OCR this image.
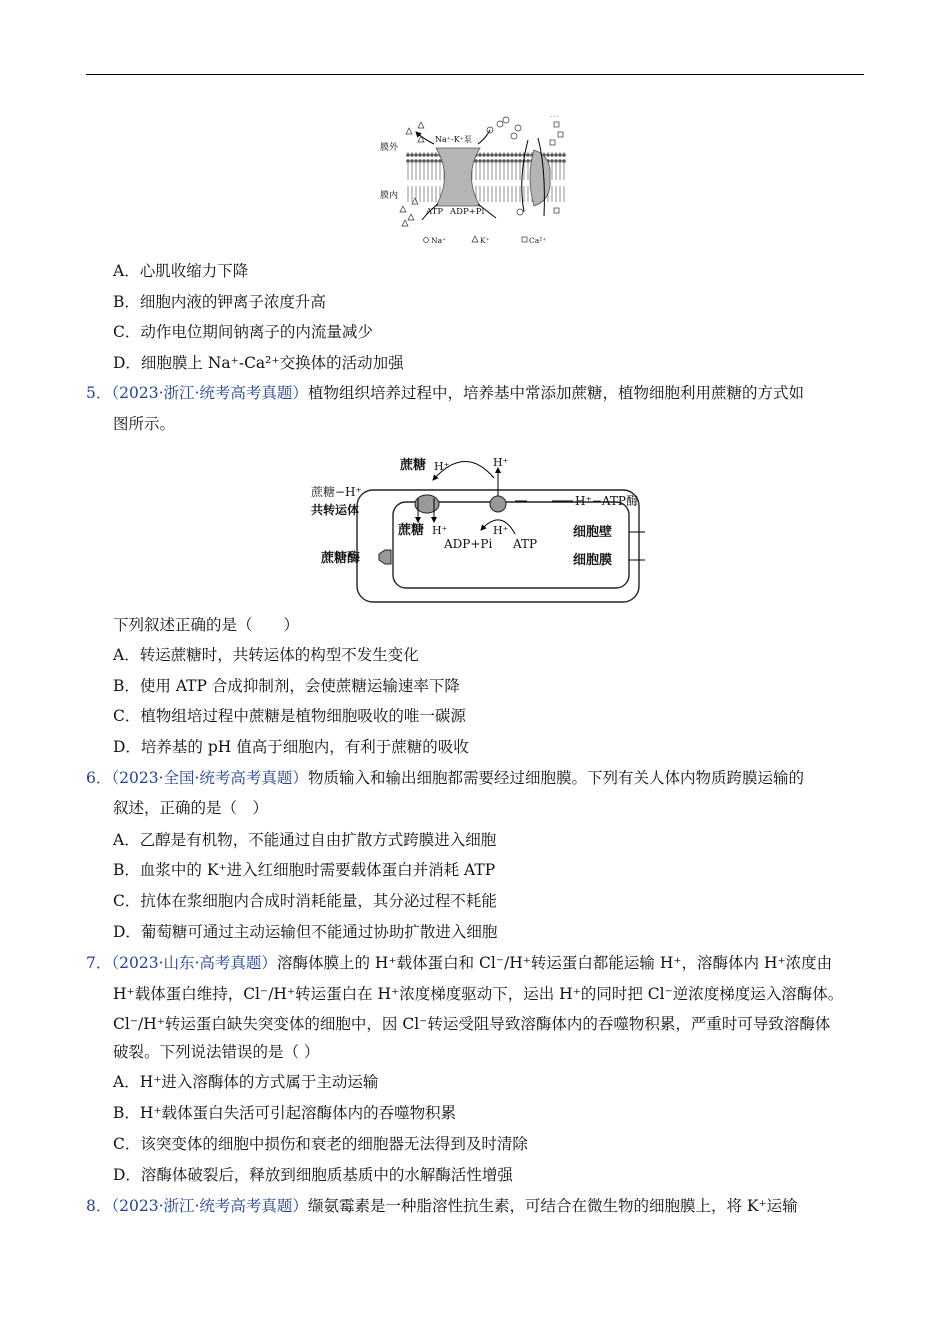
膜外
膜内
Na⁺-K⁺泵
ATP ADP+Pi
- - -
Na⁺	K⁺	Ca²⁺
A．心肌收缩力下降
B．细胞内液的钾离子浓度升高
C．动作电位期间钠离子的内流量减少
D．细胞膜上 Na⁺-Ca²⁺交换体的活动加强
5．（2023·浙江·统考高考真题）植物组织培养过程中，培养基中常添加蔗糖，植物细胞利用蔗糖的方式如
图所示。
蔗糖 H⁺	H⁺
蔗糖−H⁺
共转运体
蔗糖 H⁺	H⁺
ADP+Pi ATP
蔗糖酶
H⁺−ATP酶
细胞壁
细胞膜
下列叙述正确的是（　　）
A．转运蔗糖时，共转运体的构型不发生变化
B．使用 ATP 合成抑制剂，会使蔗糖运输速率下降
C．植物组培过程中蔗糖是植物细胞吸收的唯一碳源
D．培养基的 pH 值高于细胞内，有利于蔗糖的吸收
6．（2023·全国·统考高考真题）物质输入和输出细胞都需要经过细胞膜。下列有关人体内物质跨膜运输的
叙述，正确的是（　）
A．乙醇是有机物，不能通过自由扩散方式跨膜进入细胞
B．血浆中的 K⁺进入红细胞时需要载体蛋白并消耗 ATP
C．抗体在浆细胞内合成时消耗能量，其分泌过程不耗能
D．葡萄糖可通过主动运输但不能通过协助扩散进入细胞
7．（2023·山东·高考真题）溶酶体膜上的 H⁺载体蛋白和 Cl⁻/H⁺转运蛋白都能运输 H⁺，溶酶体内 H⁺浓度由
H⁺载体蛋白维持，Cl⁻/H⁺转运蛋白在 H⁺浓度梯度驱动下，运出 H⁺的同时把 Cl⁻逆浓度梯度运入溶酶体。
Cl⁻/H⁺转运蛋白缺失突变体的细胞中，因 Cl⁻转运受阻导致溶酶体内的吞噬物积累，严重时可导致溶酶体
破裂。下列说法错误的是（ ）
A．H⁺进入溶酶体的方式属于主动运输
B．H⁺载体蛋白失活可引起溶酶体内的吞噬物积累
C．该突变体的细胞中损伤和衰老的细胞器无法得到及时清除
D．溶酶体破裂后，释放到细胞质基质中的水解酶活性增强
8．（2023·浙江·统考高考真题）缬氨霉素是一种脂溶性抗生素，可结合在微生物的细胞膜上，将 K⁺运输
